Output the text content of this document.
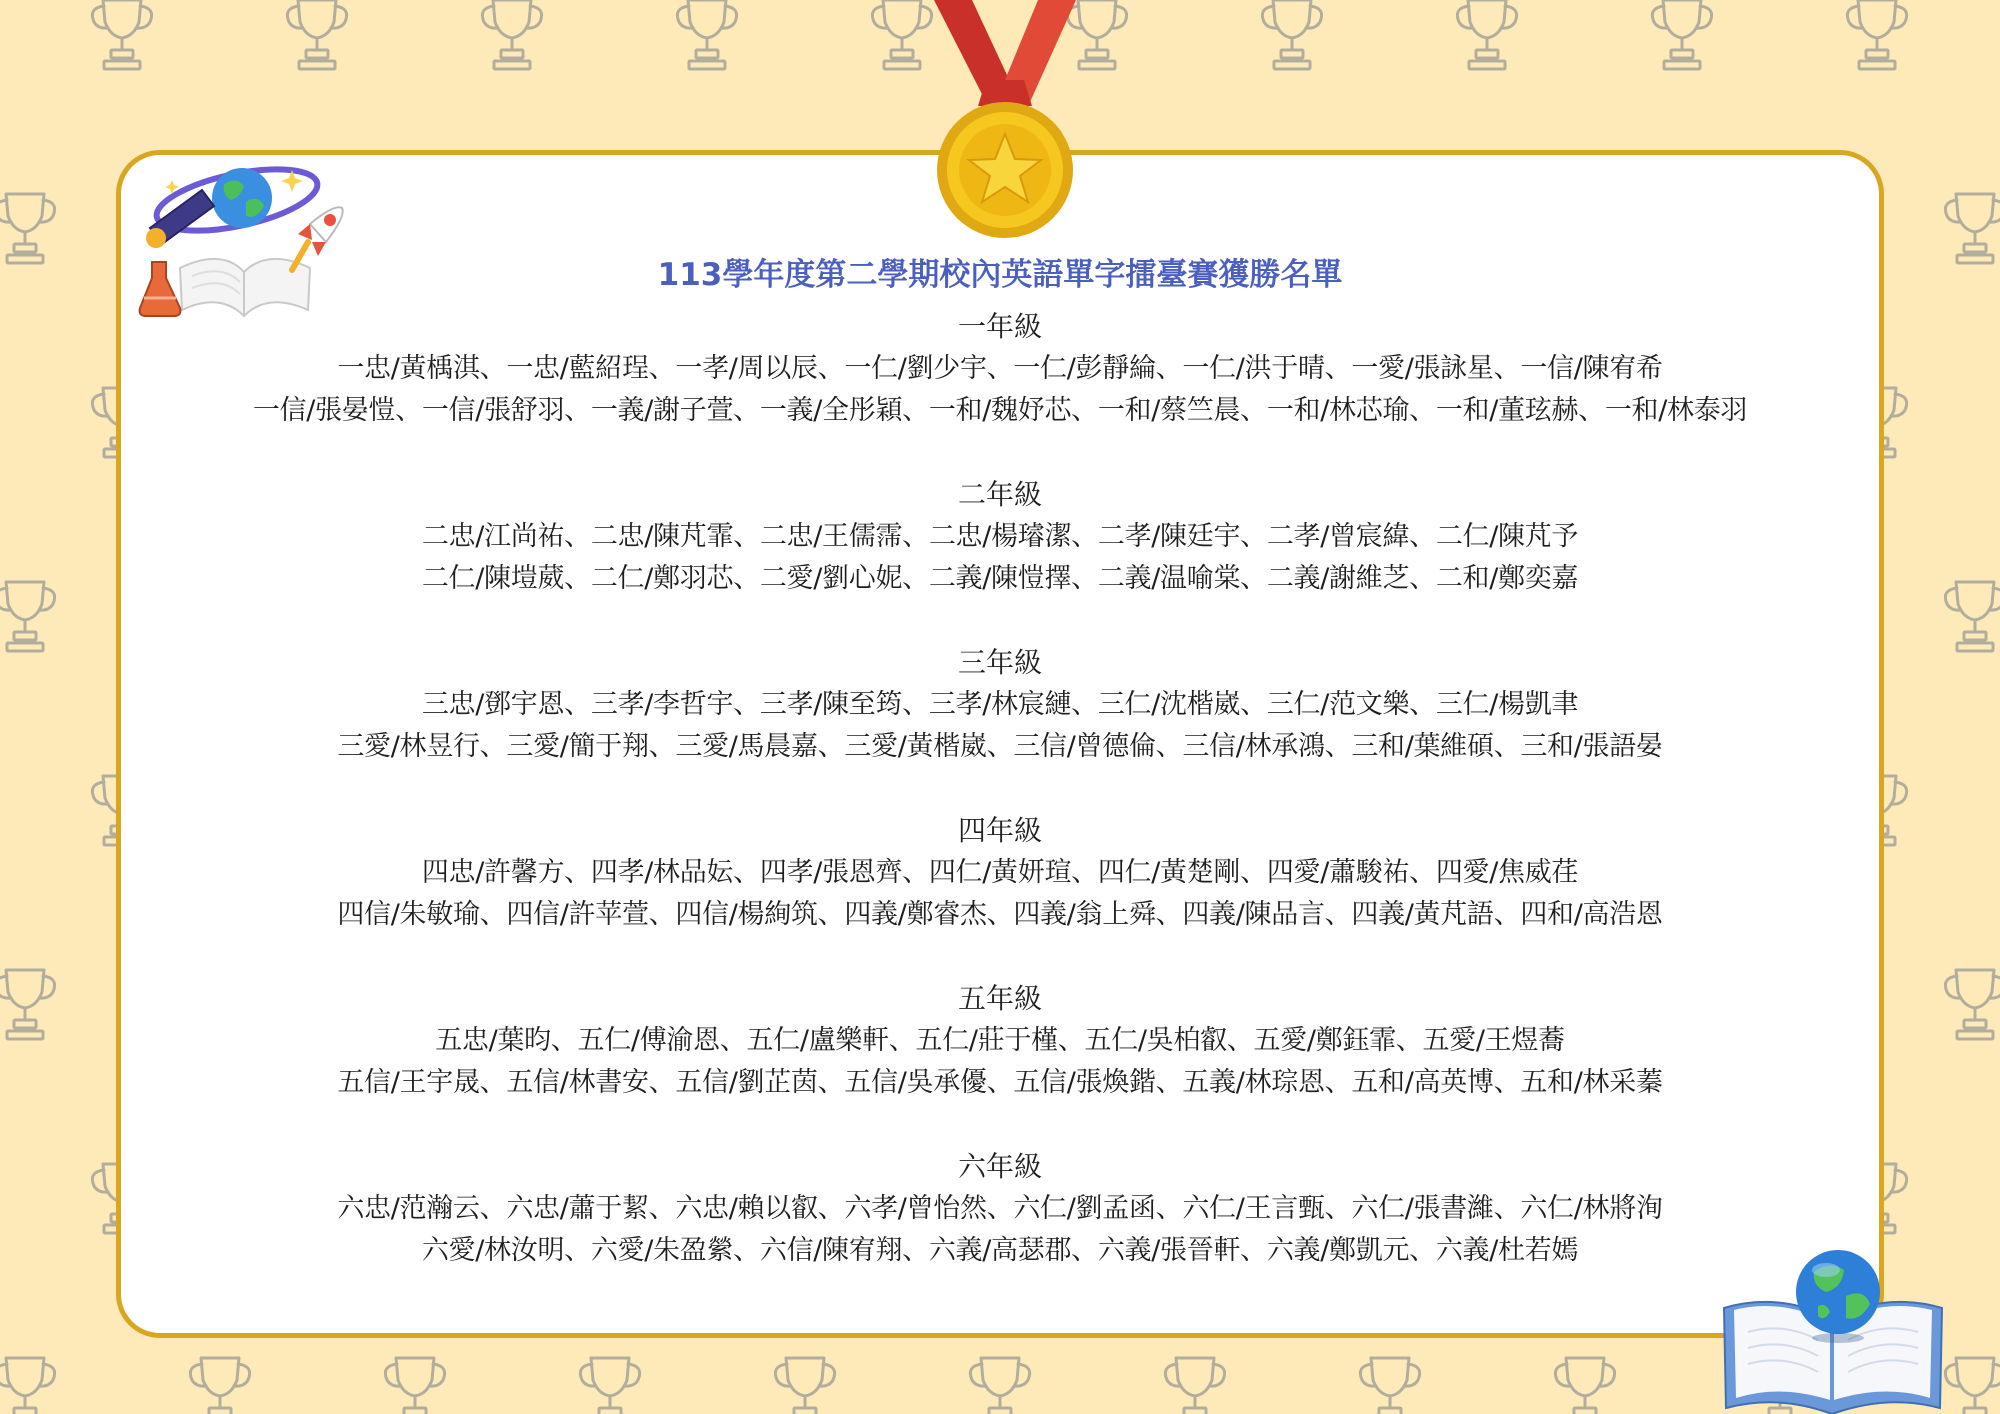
113學年度第二學期校內英語單字擂臺賽獲勝名單
一年級
一忠/黃楀淇、一忠/藍紹珵、一孝/周以辰、一仁/劉少宇、一仁/彭靜綸、一仁/洪于晴、一愛/張詠星、一信/陳宥希
一信/張晏愷、一信/張舒羽、一義/謝子萱、一義/全彤穎、一和/魏妤芯、一和/蔡竺晨、一和/林芯瑜、一和/董玹赫、一和/林泰羽
二年級
二忠/江尚祐、二忠/陳芃霏、二忠/王儒霈、二忠/楊璿潔、二孝/陳廷宇、二孝/曾宸緯、二仁/陳芃予
二仁/陳塏葳、二仁/鄭羽芯、二愛/劉心妮、二義/陳愷擇、二義/温喻棠、二義/謝維芝、二和/鄭奕嘉
三年級
三忠/鄧宇恩、三孝/李哲宇、三孝/陳至筠、三孝/林宸縺、三仁/沈楷崴、三仁/范文樂、三仁/楊凱聿
三愛/林昱行、三愛/簡于翔、三愛/馬晨嘉、三愛/黃楷崴、三信/曾德倫、三信/林承鴻、三和/葉維碩、三和/張語晏
四年級
四忠/許馨方、四孝/林品妘、四孝/張恩齊、四仁/黃妍瑄、四仁/黃楚剛、四愛/蕭駿祐、四愛/焦威荏
四信/朱敏瑜、四信/許苹萱、四信/楊絢筑、四義/鄭睿杰、四義/翁上舜、四義/陳品言、四義/黃芃語、四和/高浩恩
五年級
五忠/葉昀、五仁/傅渝恩、五仁/盧樂軒、五仁/莊于槿、五仁/吳柏叡、五愛/鄭鈺霏、五愛/王煜蕎
五信/王宇晟、五信/林書安、五信/劉芷茵、五信/吳承優、五信/張煥鍇、五義/林琮恩、五和/高英博、五和/林采蓁
六年級
六忠/范瀚云、六忠/蕭于絜、六忠/賴以叡、六孝/曾怡然、六仁/劉孟函、六仁/王言甄、六仁/張書濰、六仁/林將洵
六愛/林汝明、六愛/朱盈縈、六信/陳宥翔、六義/高瑟郡、六義/張晉軒、六義/鄭凱元、六義/杜若嫣
